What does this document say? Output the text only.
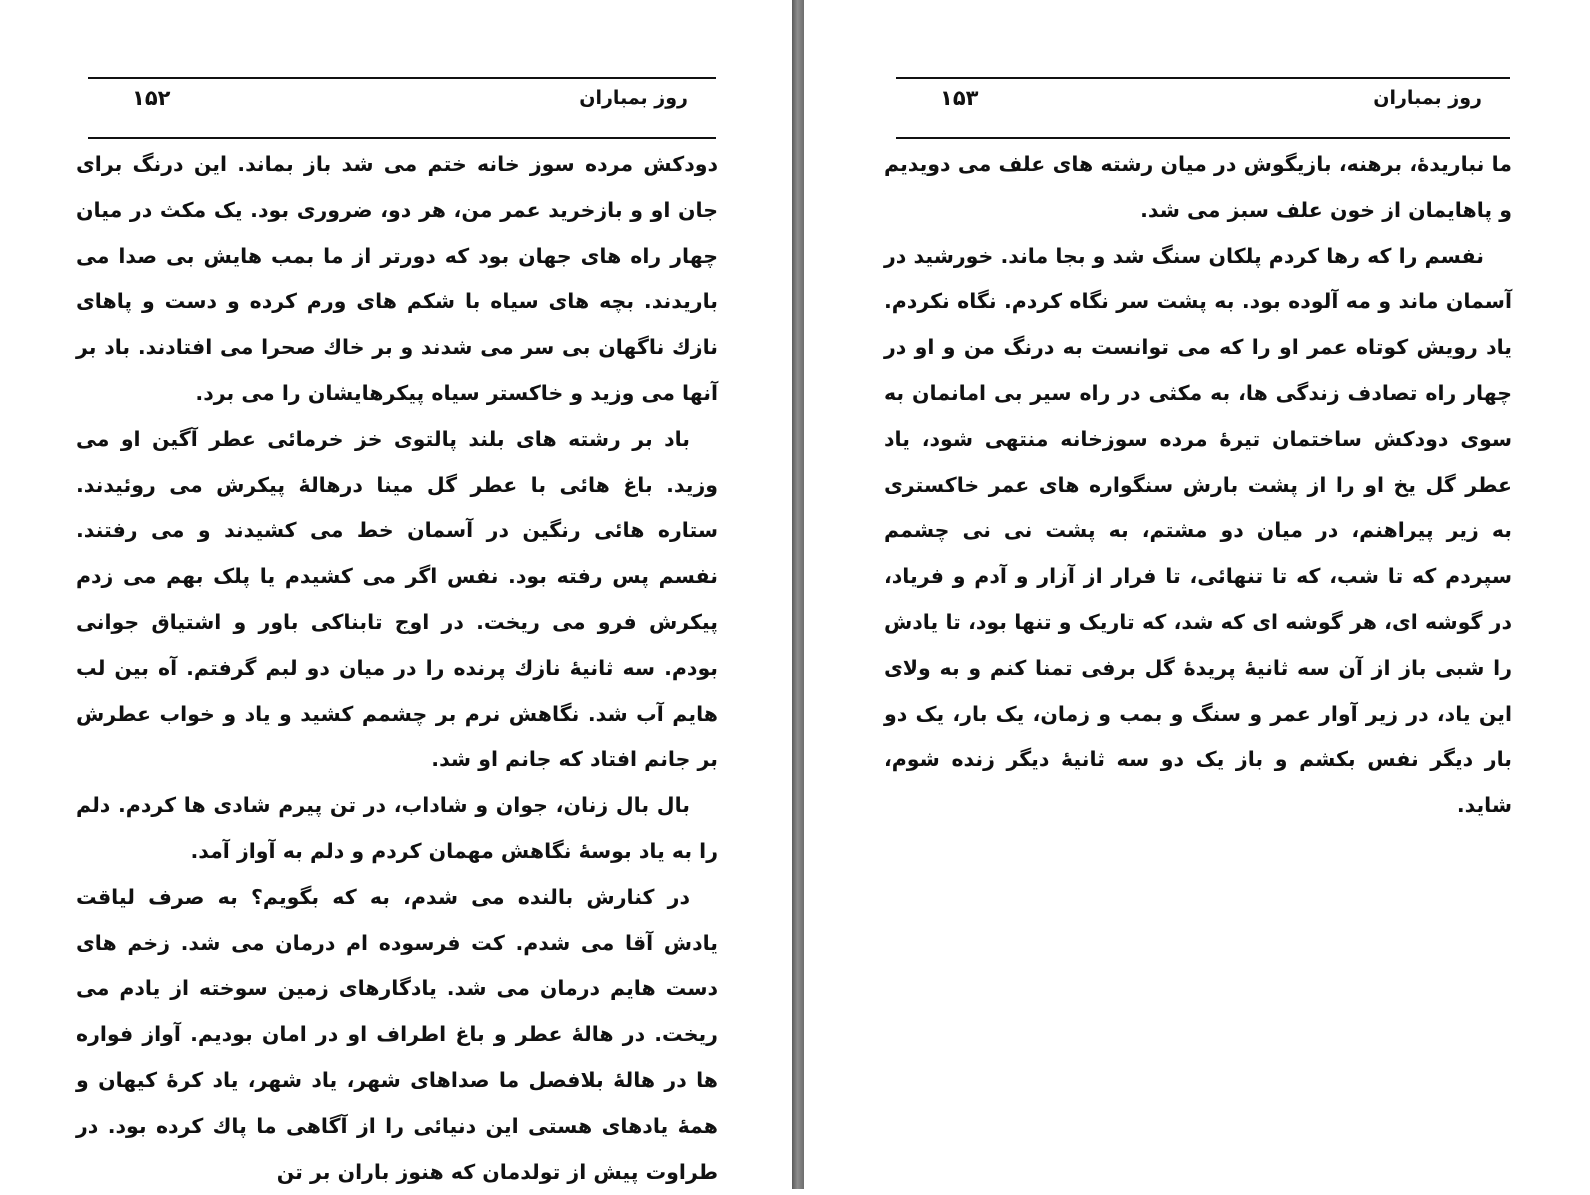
روز بمباران
۱۵۲

دودکش مرده سوز خانه ختم می شد باز بماند. این درنگ برای جان او و بازخرید عمر من، هر دو، ضروری بود. یک مکث در میان چهار راه های جهان بود که دورتر از ما بمب هایش بی صدا می باریدند. بچه های سیاه با شکم های ورم کرده و دست و پاهای نازك ناگهان بی سر می شدند و بر خاك صحرا می افتادند. باد بر آنها می وزید و خاکستر سیاه پیکرهایشان را می برد.

باد بر رشته های بلند پالتوی خز خرمائی عطر آگین او می وزید. باغ هائی با عطر گل مینا درهالهٔ پیکرش می روئیدند. ستاره هائی رنگین در آسمان خط می کشیدند و می رفتند. نفسم پس رفته بود. نفس اگر می کشیدم یا پلک بهم می زدم پیکرش فرو می ریخت. در اوج تابناکی باور و اشتیاق جوانی بودم. سه ثانیهٔ نازك پرنده را در میان دو لبم گرفتم. آه بین لب هایم آب شد. نگاهش نرم بر چشمم کشید و یاد و خواب عطرش بر جانم افتاد که جانم او شد.

بال بال زنان، جوان و شاداب، در تن پیرم شادی ها کردم. دلم را به یاد بوسهٔ نگاهش مهمان کردم و دلم به آواز آمد.

در کنارش بالنده می شدم، به که بگویم؟ به صرف لیاقت یادش آقا می شدم. کت فرسوده ام درمان می شد. زخم های دست هایم درمان می شد. یادگارهای زمین سوخته از یادم می ریخت. در هالهٔ عطر و باغ اطراف او در امان بودیم. آواز فواره ها در هالهٔ بلافصل ما صداهای شهر، یاد شهر، یاد کرهٔ کیهان و همهٔ یادهای هستی این دنیائی را از آگاهی ما پاك کرده بود. در طراوت پیش از تولدمان که هنوز باران بر تن

روز بمباران
۱۵۳

ما نباریدهٔ، برهنه، بازیگوش در میان رشته های علف می دویدیم و پاهایمان از خون علف سبز می شد.

نفسم را که رها کردم پلکان سنگ شد و بجا ماند. خورشید در آسمان ماند و مه آلوده بود. به پشت سر نگاه کردم. نگاه نکردم. یاد رویش کوتاه عمر او را که می توانست به درنگ من و او در چهار راه تصادف زندگی ها، به مکثی در راه سیر بی امانمان به سوی دودکش ساختمان تیرهٔ مرده سوزخانه منتهی شود، یاد عطر گل یخ او را از پشت بارش سنگواره های عمر خاکستری به زیر پیراهنم، در میان دو مشتم، به پشت نی نی چشمم سپردم که تا شب، که تا تنهائی، تا فرار از آزار و آدم و فریاد، در گوشه ای، هر گوشه ای که شد، که تاریک و تنها بود، تا یادش را شبی باز از آن سه ثانیهٔ پریدهٔ گل برفی تمنا کنم و به ولای این یاد، در زیر آوار عمر و سنگ و بمب و زمان، یک بار، یک دو بار دیگر نفس بکشم و باز یک دو سه ثانیهٔ دیگر زنده شوم، شاید.
